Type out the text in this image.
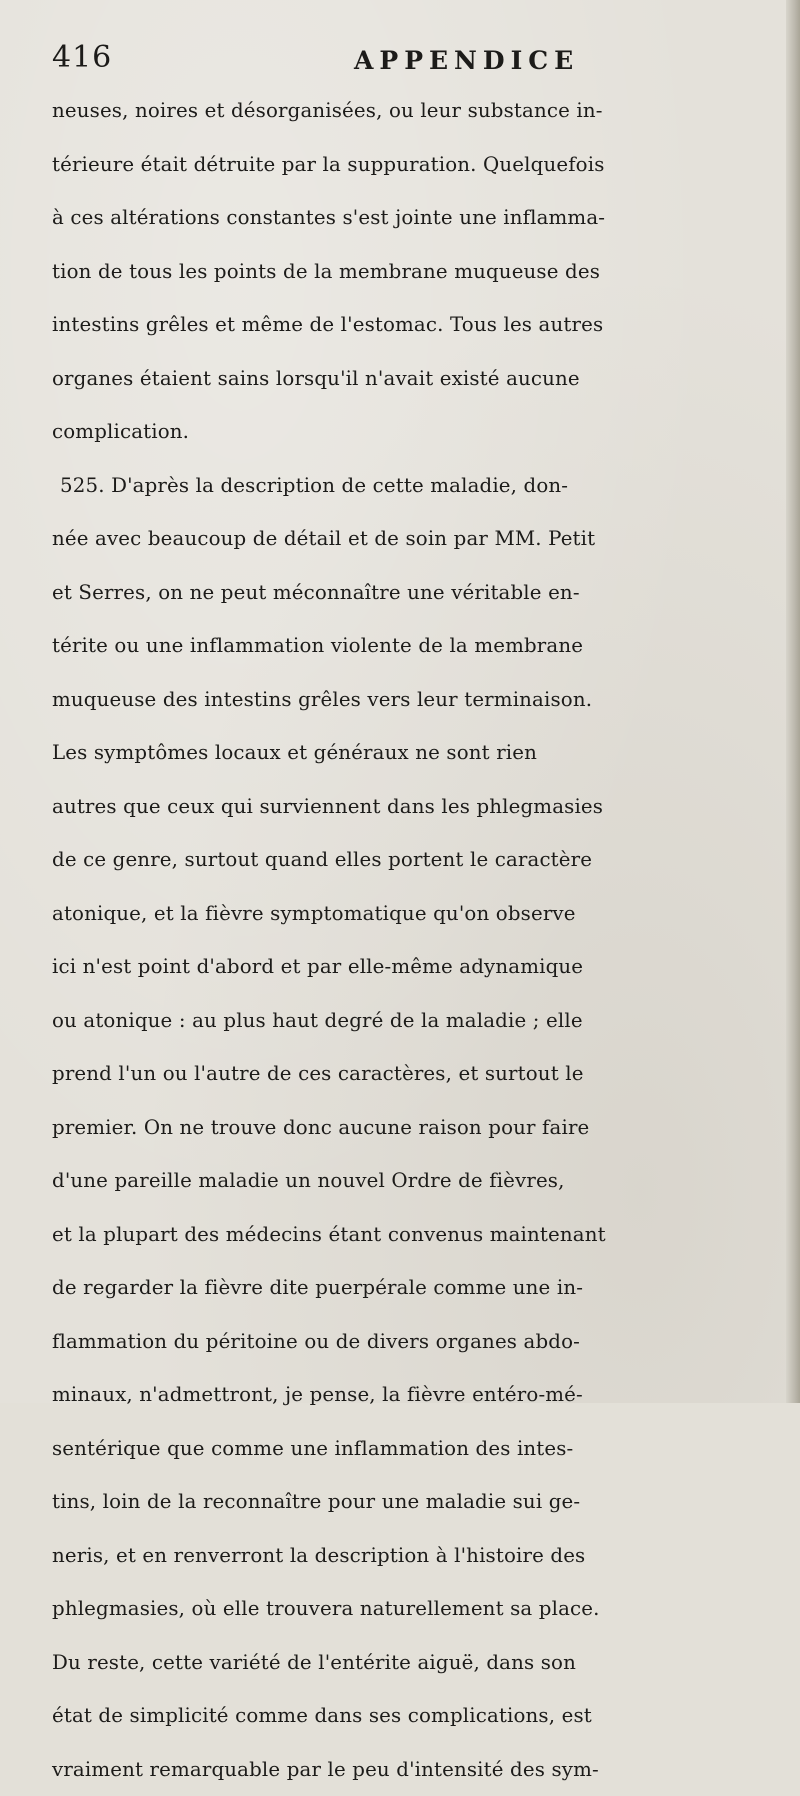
416	APPENDICE
neuses, noires et désorganisées, ou leur substance in-
térieure était détruite par la suppuration. Quelquefois
à ces altérations constantes s'est jointe une inflamma-
tion de tous les points de la membrane muqueuse des
intestins grêles et même de l'estomac. Tous les autres
organes étaient sains lorsqu'il n'avait existé aucune
complication.
525. D'après la description de cette maladie, don-
née avec beaucoup de détail et de soin par MM. Petit
et Serres, on ne peut méconnaître une véritable en-
térite ou une inflammation violente de la membrane
muqueuse des intestins grêles vers leur terminaison.
Les symptômes locaux et généraux ne sont rien
autres que ceux qui surviennent dans les phlegmasies
de ce genre, surtout quand elles portent le caractère
atonique, et la fièvre symptomatique qu'on observe
ici n'est point d'abord et par elle-même adynamique
ou atonique : au plus haut degré de la maladie ; elle
prend l'un ou l'autre de ces caractères, et surtout le
premier. On ne trouve donc aucune raison pour faire
d'une pareille maladie un nouvel Ordre de fièvres,
et la plupart des médecins étant convenus maintenant
de regarder la fièvre dite puerpérale comme une in-
flammation du péritoine ou de divers organes abdo-
minaux, n'admettront, je pense, la fièvre entéro-mé-
sentérique que comme une inflammation des intes-
tins, loin de la reconnaître pour une maladie sui ge-
neris, et en renverront la description à l'histoire des
phlegmasies, où elle trouvera naturellement sa place.
Du reste, cette variété de l'entérite aiguë, dans son
état de simplicité comme dans ses complications, est
vraiment remarquable par le peu d'intensité des sym-
